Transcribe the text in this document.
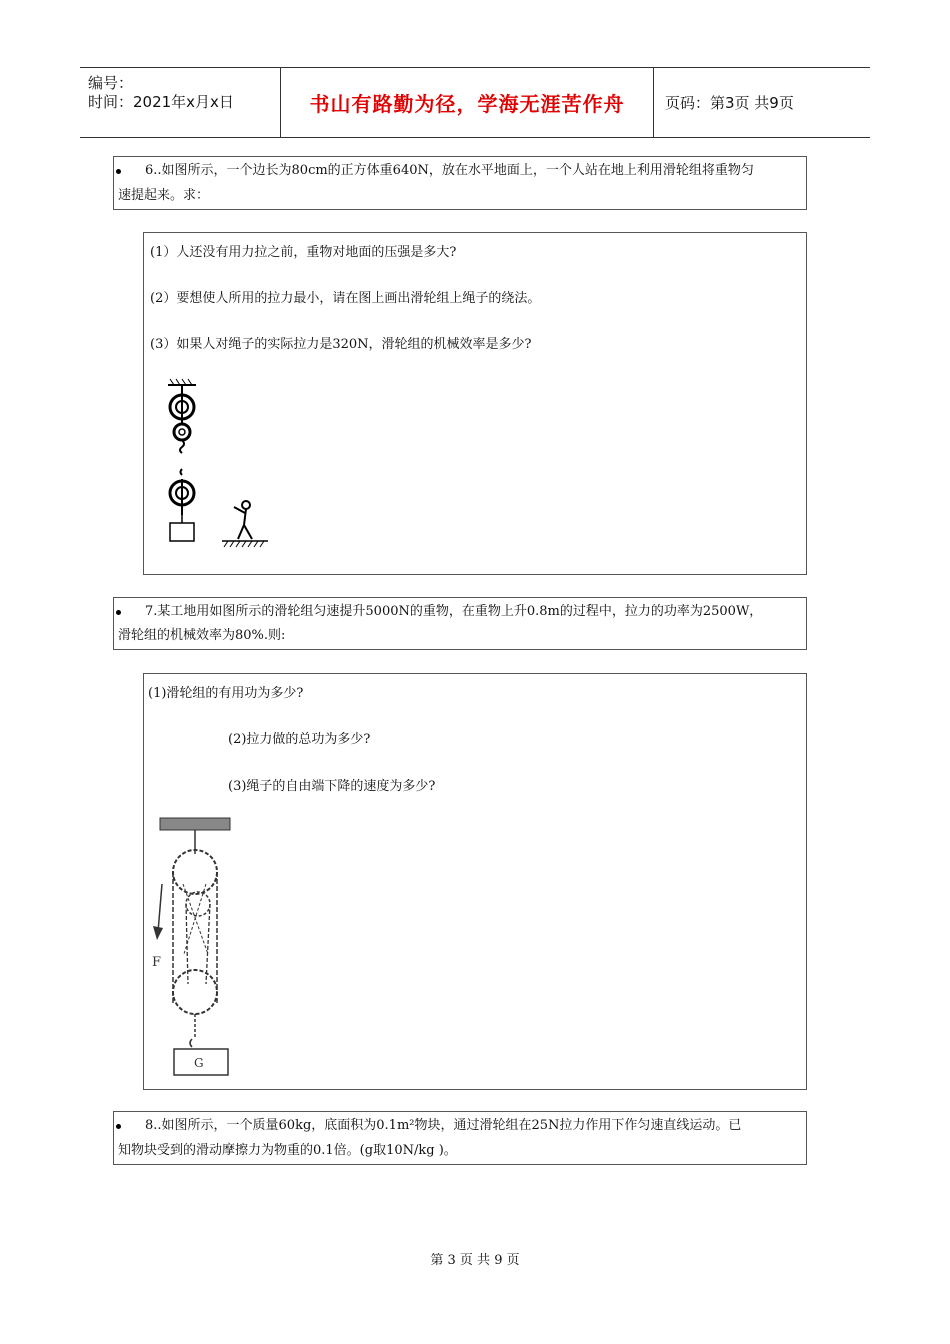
编号：
时间：2021年x月x日	书山有路勤为径，学海无涯苦作舟	页码：第3页 共9页
6..如图所示，一个边长为80cm的正方体重640N，放在水平地面上，一个人站在地上利用滑轮组将重物匀
速提起来。求：
(1）人还没有用力拉之前，重物对地面的压强是多大?
(2）要想使人所用的拉力最小，请在图上画出滑轮组上绳子的绕法。
(3）如果人对绳子的实际拉力是320N，滑轮组的机械效率是多少?
7.某工地用如图所示的滑轮组匀速提升5000N的重物，在重物上升0.8m的过程中，拉力的功率为2500W，
滑轮组的机械效率为80%.则:
(1)滑轮组的有用功为多少?
(2)拉力做的总功为多少?
(3)绳子的自由端下降的速度为多少?
F
G
8..如图所示，一个质量60kg，底面积为0.1m²物块，通过滑轮组在25N拉力作用下作匀速直线运动。已
知物块受到的滑动摩擦力为物重的0.1倍。(g取10N/kg )。
第 3 页 共 9 页
